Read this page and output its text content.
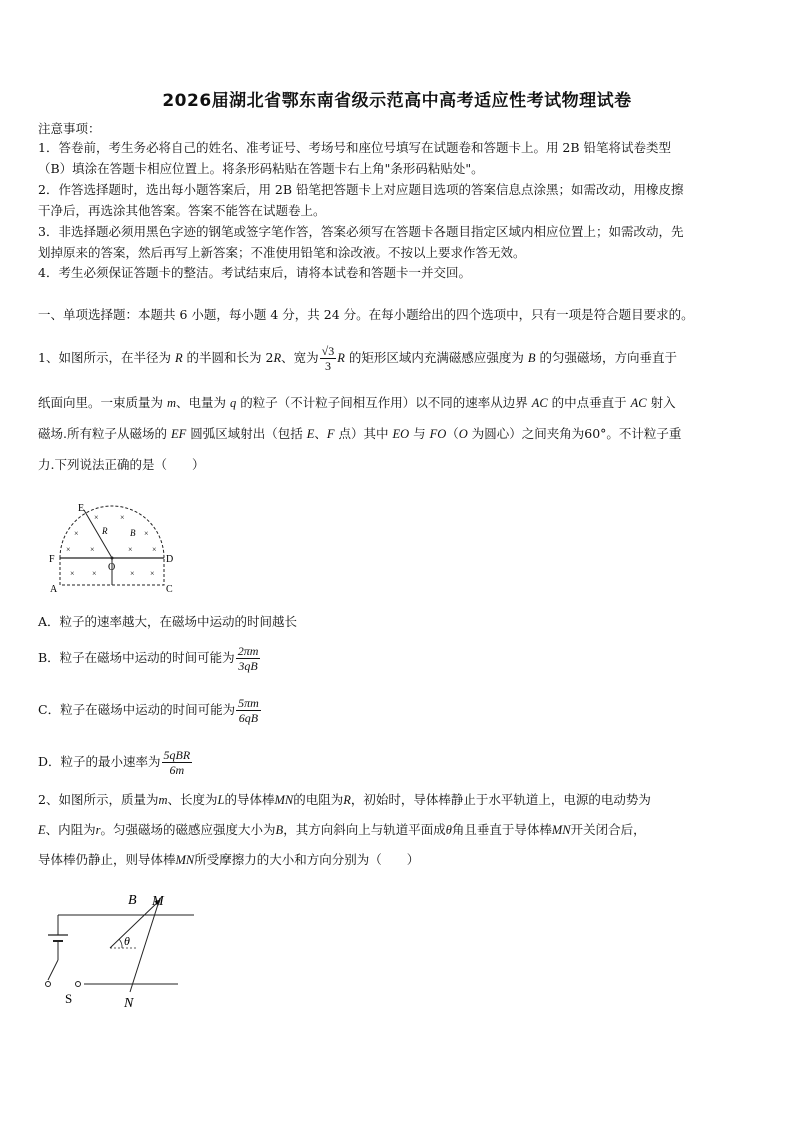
2026届湖北省鄂东南省级示范高中高考适应性考试物理试卷
注意事项：
1．答卷前，考生务必将自己的姓名、准考证号、考场号和座位号填写在试题卷和答题卡上。用 2B 铅笔将试卷类型
（B）填涂在答题卡相应位置上。将条形码粘贴在答题卡右上角"条形码粘贴处"。
2．作答选择题时，选出每小题答案后，用 2B 铅笔把答题卡上对应题目选项的答案信息点涂黑；如需改动，用橡皮擦
干净后，再选涂其他答案。答案不能答在试题卷上。
3．非选择题必须用黑色字迹的钢笔或签字笔作答，答案必须写在答题卡各题目指定区域内相应位置上；如需改动，先
划掉原来的答案，然后再写上新答案；不准使用铅笔和涂改液。不按以上要求作答无效。
4．考生必须保证答题卡的整洁。考试结束后，请将本试卷和答题卡一并交回。
一、单项选择题：本题共 6 小题，每小题 4 分，共 24 分。在每小题给出的四个选项中，只有一项是符合题目要求的。
1、如图所示，在半径为 R 的半圆和长为 2R、宽为 $\frac{√3}{3}$ R 的矩形区域内充满磁感应强度为 B 的匀强磁场，方向垂直于
纸面向里。一束质量为 m、电量为 q 的粒子（不计粒子间相互作用）以不同的速率从边界 AC 的中点垂直于 AC 射入
磁场.所有粒子从磁场的 EF 圆弧区域射出（包括 E、F 点）其中 EO 与 FO（O 为圆心）之间夹角为60°。不计粒子重
力.下列说法正确的是（　　）
E
F	D
A	C
O
R	B
×	×
×	×
× ×	× ×
× ×	× ×
A．粒子的速率越大，在磁场中运动的时间越长
B．粒子在磁场中运动的时间可能为 $\frac{2\pi m}{3qB}$
C．粒子在磁场中运动的时间可能为 $\frac{5\pi m}{6qB}$
D．粒子的最小速率为 $\frac{\text{5qBR}}{6m}$
2、如图所示，质量为m、长度为L的导体棒MN的电阻为R，初始时，导体棒静止于水平轨道上，电源的电动势为
E、内阻为r。匀强磁场的磁感应强度大小为B，其方向斜向上与轨道平面成θ角且垂直于导体棒MN开关闭合后，
导体棒仍静止，则导体棒MN所受摩擦力的大小和方向分别为（　　）
B M
N
S
θ
